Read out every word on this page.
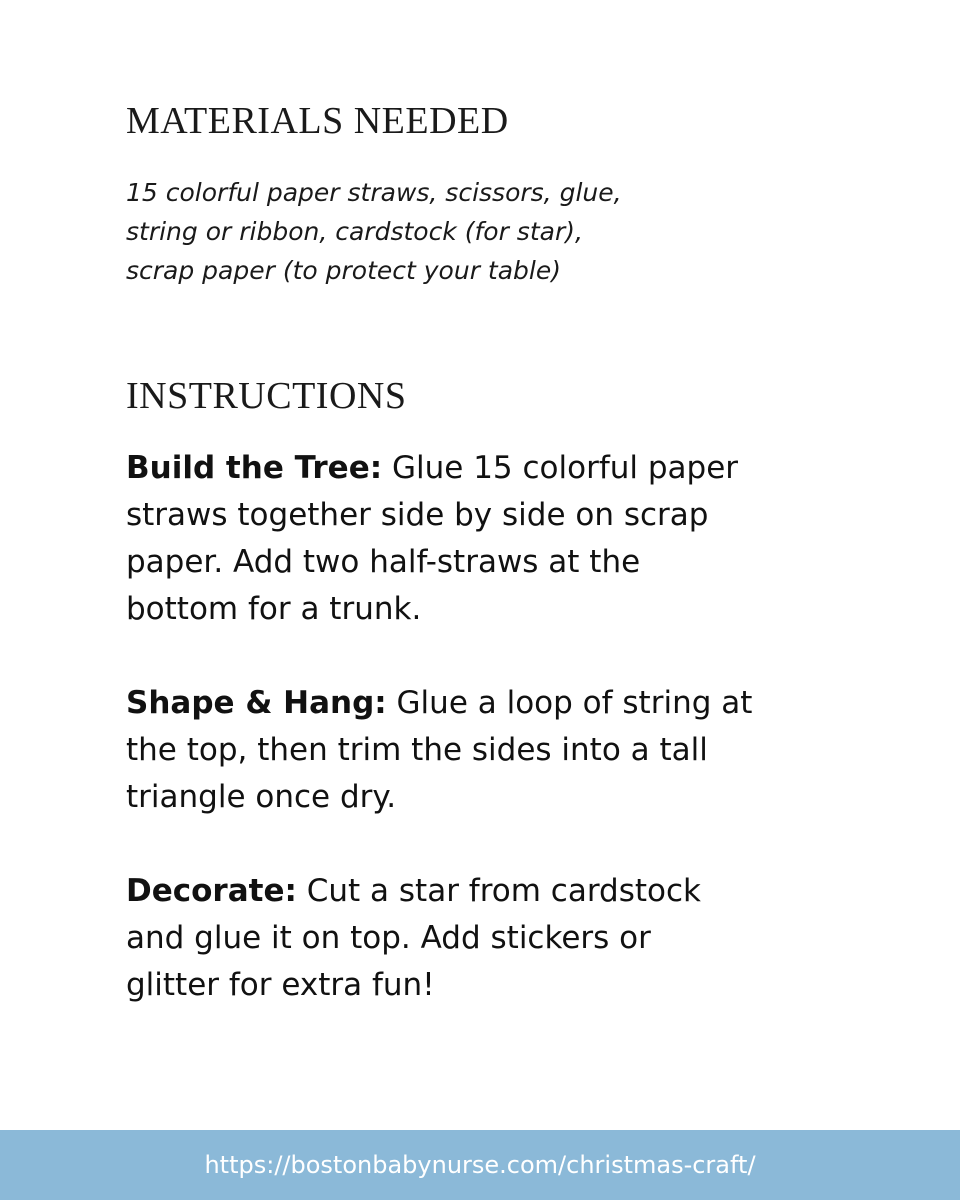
MATERIALS NEEDED
15 colorful paper straws, scissors, glue,
string or ribbon, cardstock (for star),
scrap paper (to protect your table)
INSTRUCTIONS
Build the Tree: Glue 15 colorful paper
straws together side by side on scrap
paper. Add two half-straws at the
bottom for a trunk.
Shape & Hang: Glue a loop of string at
the top, then trim the sides into a tall
triangle once dry.
Decorate: Cut a star from cardstock
and glue it on top. Add stickers or
glitter for extra fun!
https://bostonbabynurse.com/christmas-craft/
